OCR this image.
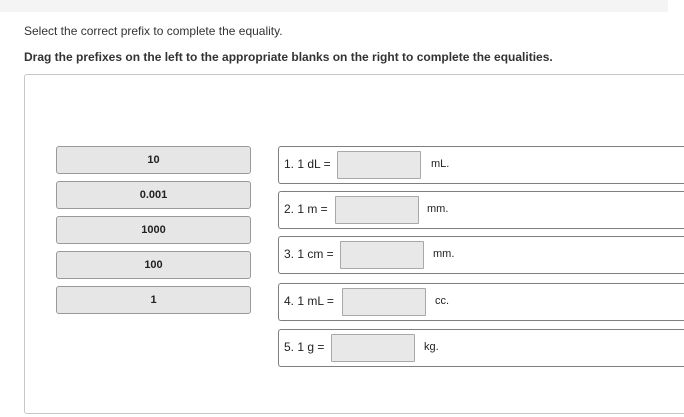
Select the correct prefix to complete the equality.
Drag the prefixes on the left to the appropriate blanks on the right to complete the equalities.
10
0.001
1000
100
1
1. 1 dL =	mL.
2. 1 m =	mm.
3. 1 cm =	mm.
4. 1 mL =	cc.
5. 1 g =	kg.
